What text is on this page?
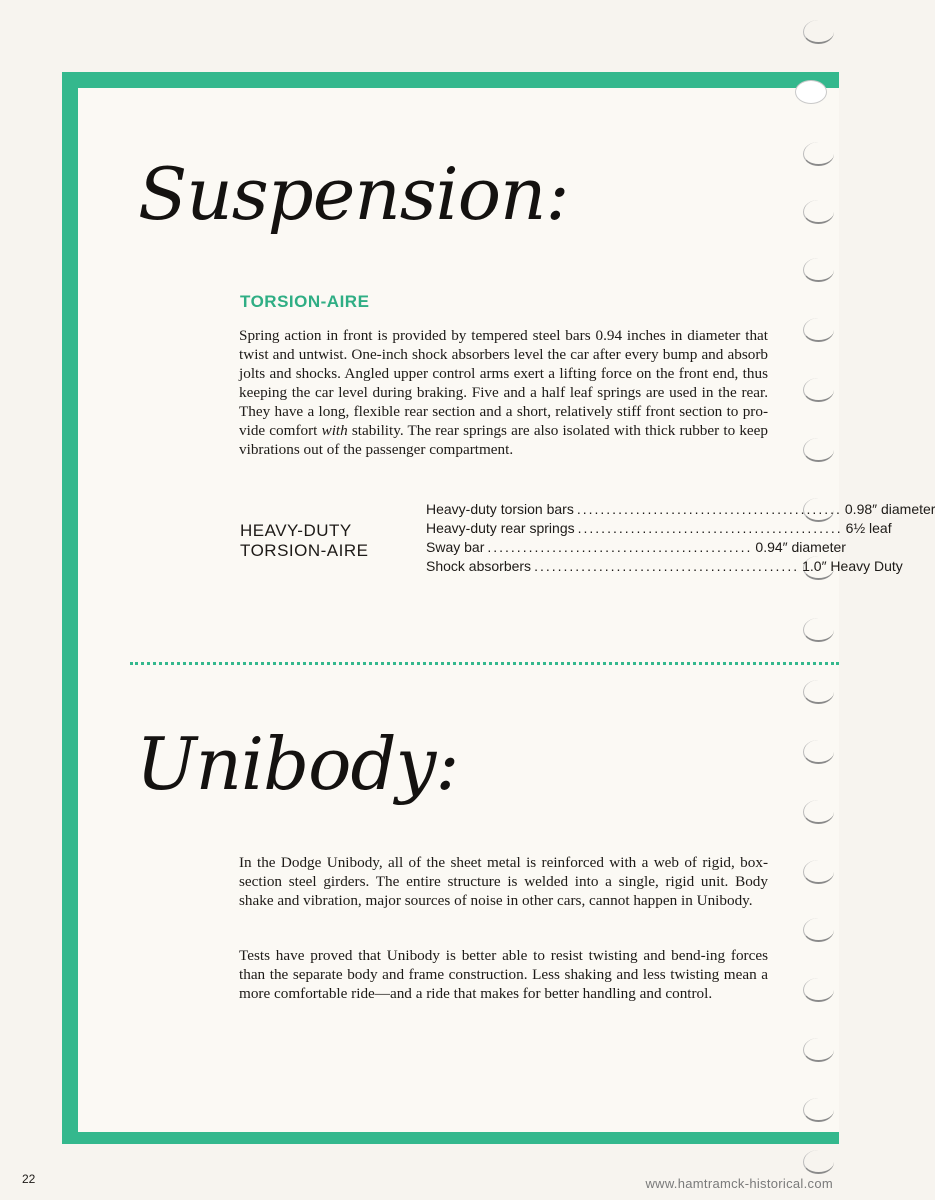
Suspension:
TORSION-AIRE

Spring action in front is provided by tempered steel bars 0.94 inches in diameter that twist and untwist. One-inch shock absorbers level the car after every bump and absorb jolts and shocks. Angled upper control arms exert a lifting force on the front end, thus keeping the car level during braking. Five and a half leaf springs are used in the rear. They have a long, flexible rear section and a short, relatively stiff front section to pro-vide comfort with stability. The rear springs are also isolated with thick rubber to keep vibrations out of the passenger compartment.

HEAVY-DUTY
TORSION-AIRE
Heavy-duty torsion bars ............................................. 0.98″ diameter
Heavy-duty rear springs ............................................. 6½ leaf
Sway bar ............................................. 0.94″ diameter
Shock absorbers ............................................. 1.0″ Heavy Duty
Unibody:

In the Dodge Unibody, all of the sheet metal is reinforced with a web of rigid, box-section steel girders. The entire structure is welded into a single, rigid unit. Body shake and vibration, major sources of noise in other cars, cannot happen in Unibody.

Tests have proved that Unibody is better able to resist twisting and bend-ing forces than the separate body and frame construction. Less shaking and less twisting mean a more comfortable ride—and a ride that makes for better handling and control.

22	www.hamtramck-historical.com
